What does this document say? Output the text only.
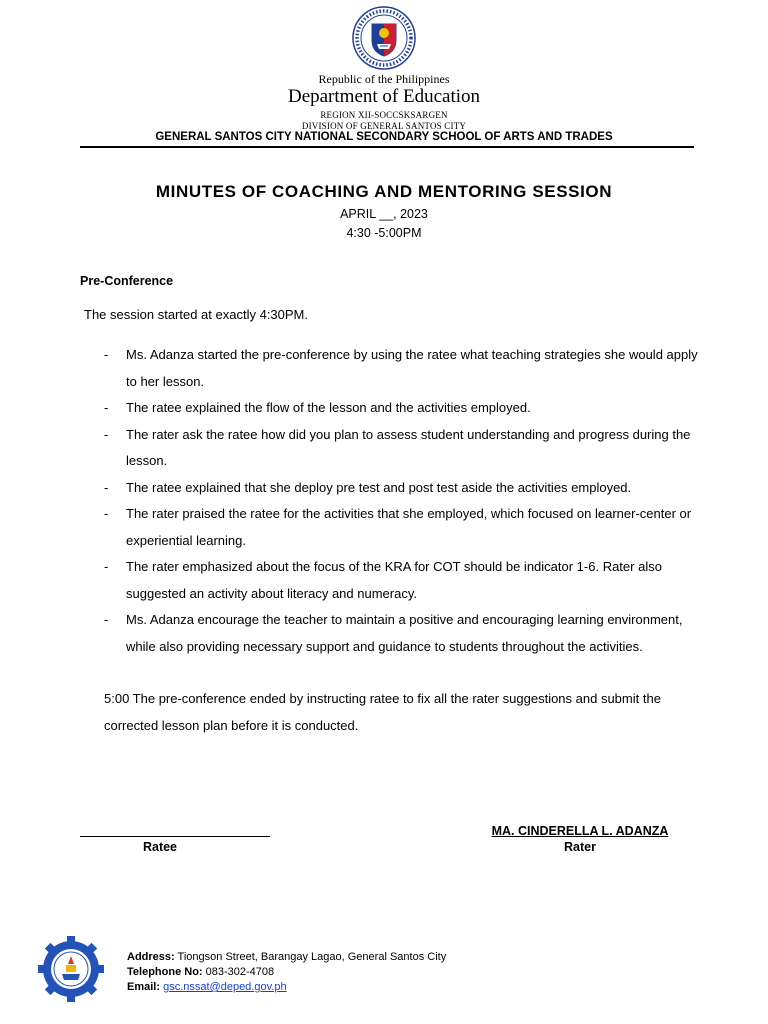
Republic of the Philippines
Department of Education
REGION XII-SOCCSKSARGEN
DIVISION OF GENERAL SANTOS CITY
GENERAL SANTOS CITY NATIONAL SECONDARY SCHOOL OF ARTS AND TRADES
MINUTES OF COACHING AND MENTORING SESSION
APRIL __, 2023
4:30 -5:00PM
Pre-Conference
The session started at exactly 4:30PM.
- Ms. Adanza started the pre-conference by using the ratee what teaching strategies she would apply to her lesson.
- The ratee explained the flow of the lesson and the activities employed.
- The rater ask the ratee how did you plan to assess student understanding and progress during the lesson.
- The ratee explained that she deploy pre test and post test aside the activities employed.
- The rater praised the ratee for the activities that she employed, which focused on learner-center or experiential learning.
- The rater emphasized about the focus of the KRA for COT should be indicator 1-6. Rater also suggested an activity about literacy and numeracy.
- Ms. Adanza encourage the teacher to maintain a positive and encouraging learning environment, while also providing necessary support and guidance to students throughout the activities.
5:00 The pre-conference ended by instructing ratee to fix all the rater suggestions and submit the corrected lesson plan before it is conducted.
Ratee
MA. CINDERELLA L. ADANZA
Rater
Address: Tiongson Street, Barangay Lagao, General Santos City
Telephone No: 083-302-4708
Email: gsc.nssat@deped.gov.ph
